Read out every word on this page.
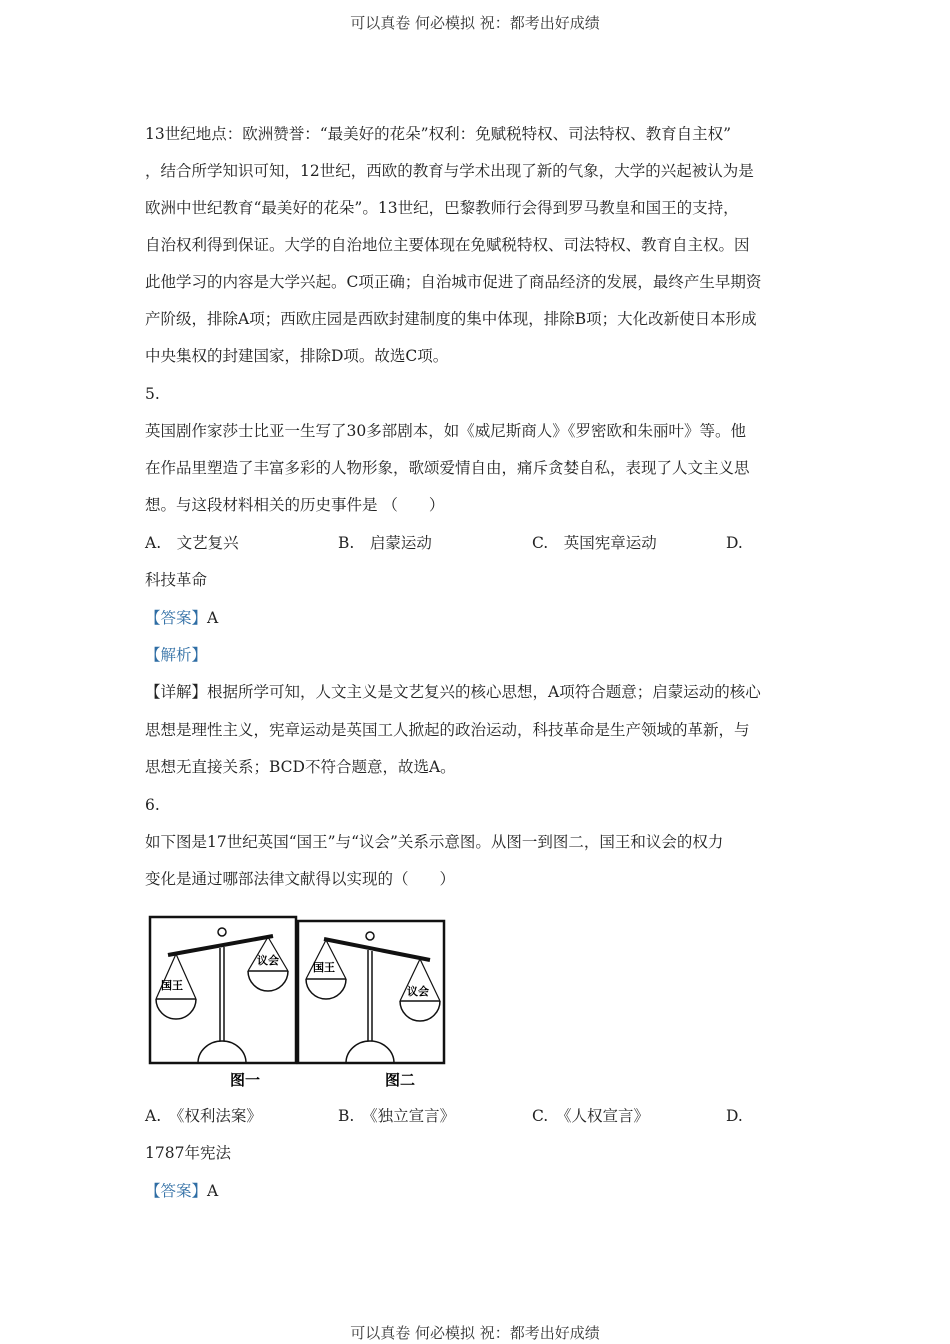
可以真卷 何必模拟 祝：都考出好成绩
13世纪地点：欧洲赞誉：“最美好的花朵”权利：免赋税特权、司法特权、教育自主权”
，结合所学知识可知，12世纪，西欧的教育与学术出现了新的气象，大学的兴起被认为是
欧洲中世纪教育“最美好的花朵”。13世纪，巴黎教师行会得到罗马教皇和国王的支持，
自治权利得到保证。大学的自治地位主要体现在免赋税特权、司法特权、教育自主权。因
此他学习的内容是大学兴起。C项正确；自治城市促进了商品经济的发展，最终产生早期资
产阶级，排除A项；西欧庄园是西欧封建制度的集中体现，排除B项；大化改新使日本形成
中央集权的封建国家，排除D项。故选C项。
5.
英国剧作家莎士比亚一生写了30多部剧本，如《威尼斯商人》《罗密欧和朱丽叶》等。他
在作品里塑造了丰富多彩的人物形象，歌颂爱情自由，痛斥贪婪自私，表现了人文主义思
想。与这段材料相关的历史事件是 （　　）
A.　文艺复兴	B.　启蒙运动	C.　英国宪章运动	D.
科技革命
【答案】A
【解析】
【详解】根据所学可知，人文主义是文艺复兴的核心思想，A项符合题意；启蒙运动的核心
思想是理性主义，宪章运动是英国工人掀起的政治运动，科技革命是生产领域的革新，与
思想无直接关系；BCD不符合题意，故选A。
6.
如下图是17世纪英国“国王”与“议会”关系示意图。从图一到图二，国王和议会的权力
变化是通过哪部法律文献得以实现的（　　）
国王
议会
国王
议会
图一	图二
A.　《权利法案》	B.　《独立宣言》	C.　《人权宣言》	D.
1787年宪法
【答案】A
可以真卷 何必模拟 祝：都考出好成绩
